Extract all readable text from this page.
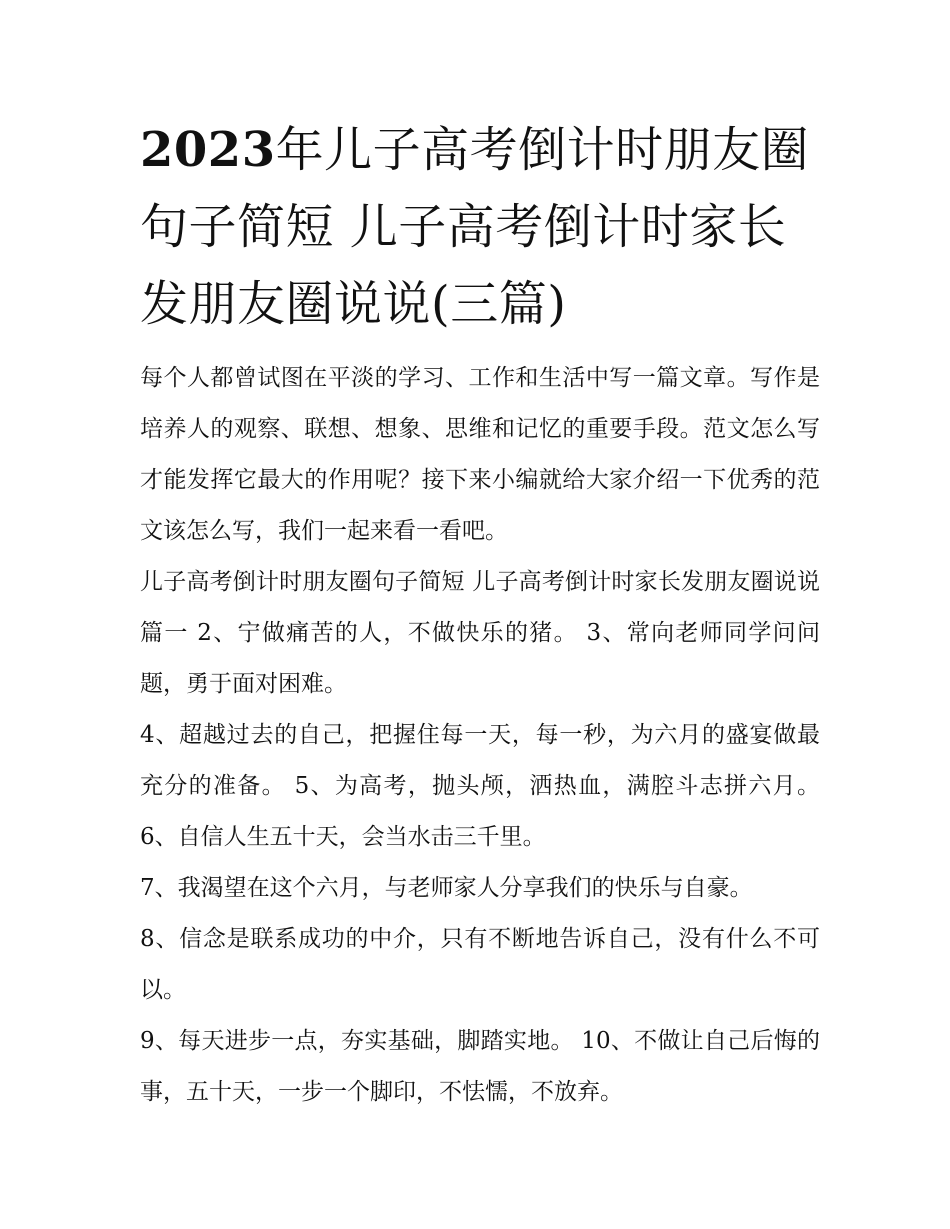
2023年儿子高考倒计时朋友圈句子简短 儿子高考倒计时家长发朋友圈说说(三篇)

每个人都曾试图在平淡的学习、工作和生活中写一篇文章。写作是培养人的观察、联想、想象、思维和记忆的重要手段。范文怎么写才能发挥它最大的作用呢？接下来小编就给大家介绍一下优秀的范文该怎么写，我们一起来看一看吧。

儿子高考倒计时朋友圈句子简短 儿子高考倒计时家长发朋友圈说说篇一 2、宁做痛苦的人，不做快乐的猪。 3、常向老师同学问问题，勇于面对困难。

4、超越过去的自己，把握住每一天，每一秒，为六月的盛宴做最充分的准备。 5、为高考，抛头颅，洒热血，满腔斗志拼六月。 6、自信人生五十天，会当水击三千里。

7、我渴望在这个六月，与老师家人分享我们的快乐与自豪。

8、信念是联系成功的中介，只有不断地告诉自己，没有什么不可以。

9、每天进步一点，夯实基础，脚踏实地。 10、不做让自己后悔的事，五十天，一步一个脚印，不怯懦，不放弃。
